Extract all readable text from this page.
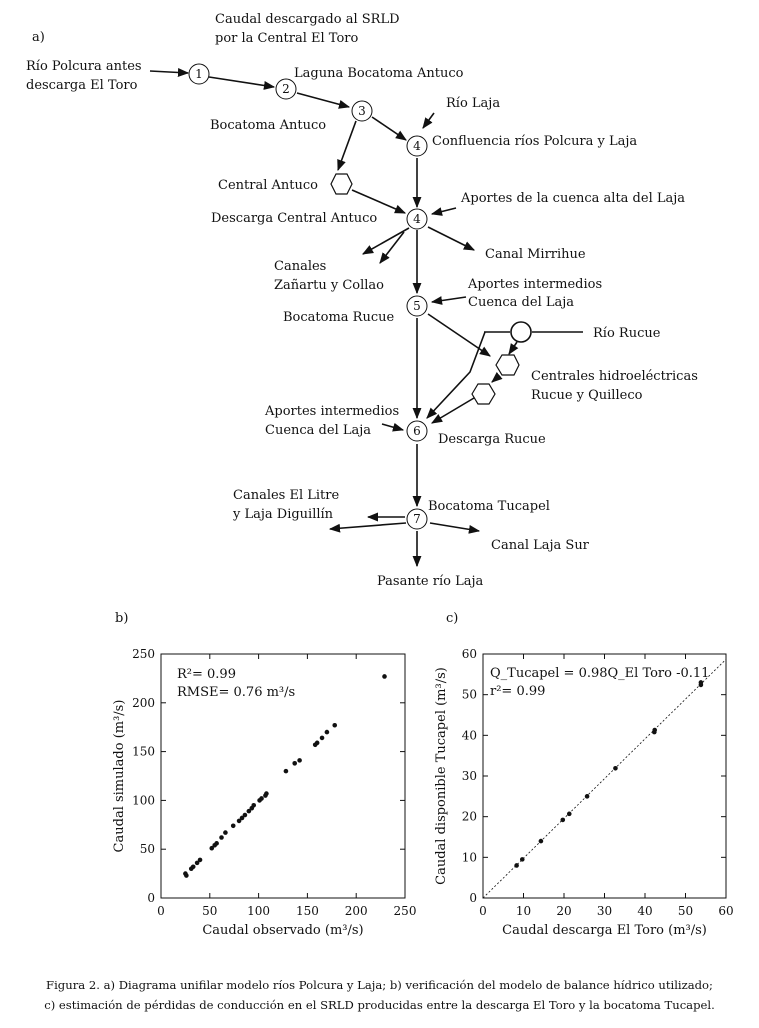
1
2
3
4
4
5
6
7
a)
Caudal descargado al SRLD
por la Central El Toro
Río Polcura antes
descarga El Toro
Laguna Bocatoma Antuco
Río Laja
Bocatoma Antuco
Confluencia ríos Polcura y Laja
Central Antuco
Aportes de la cuenca alta del Laja
Descarga Central Antuco
Canales
Zañartu y Collao
Canal Mirrihue
Aportes intermedios
Cuenca del Laja
Bocatoma Rucue
Río Rucue
Centrales hidroeléctricas
Rucue y Quilleco
Aportes intermedios
Cuenca del Laja
Descarga Rucue
Canales El Litre
y Laja Diguillín
Bocatoma Tucapel
Canal Laja Sur
Pasante río Laja
b)
0	50 100 150 200 250
0
50
100
150
200
250
Caudal observado (m³/s)
Caudal simulado (m³/s)
R²= 0.99
RMSE= 0.76 m³/s
c)
0 10 20 30 40 50 60
0
10
20
30
40
50
60
Caudal descarga El Toro (m³/s)
Caudal disponible Tucapel (m³/s)	Q_Tucapel = 0.98Q_El Toro -0.11
r²= 0.99
Figura 2. a) Diagrama unifilar modelo ríos Polcura y Laja; b) verificación del modelo de balance hídrico utilizado;
c) estimación de pérdidas de conducción en el SRLD producidas entre la descarga El Toro y la bocatoma Tucapel.
